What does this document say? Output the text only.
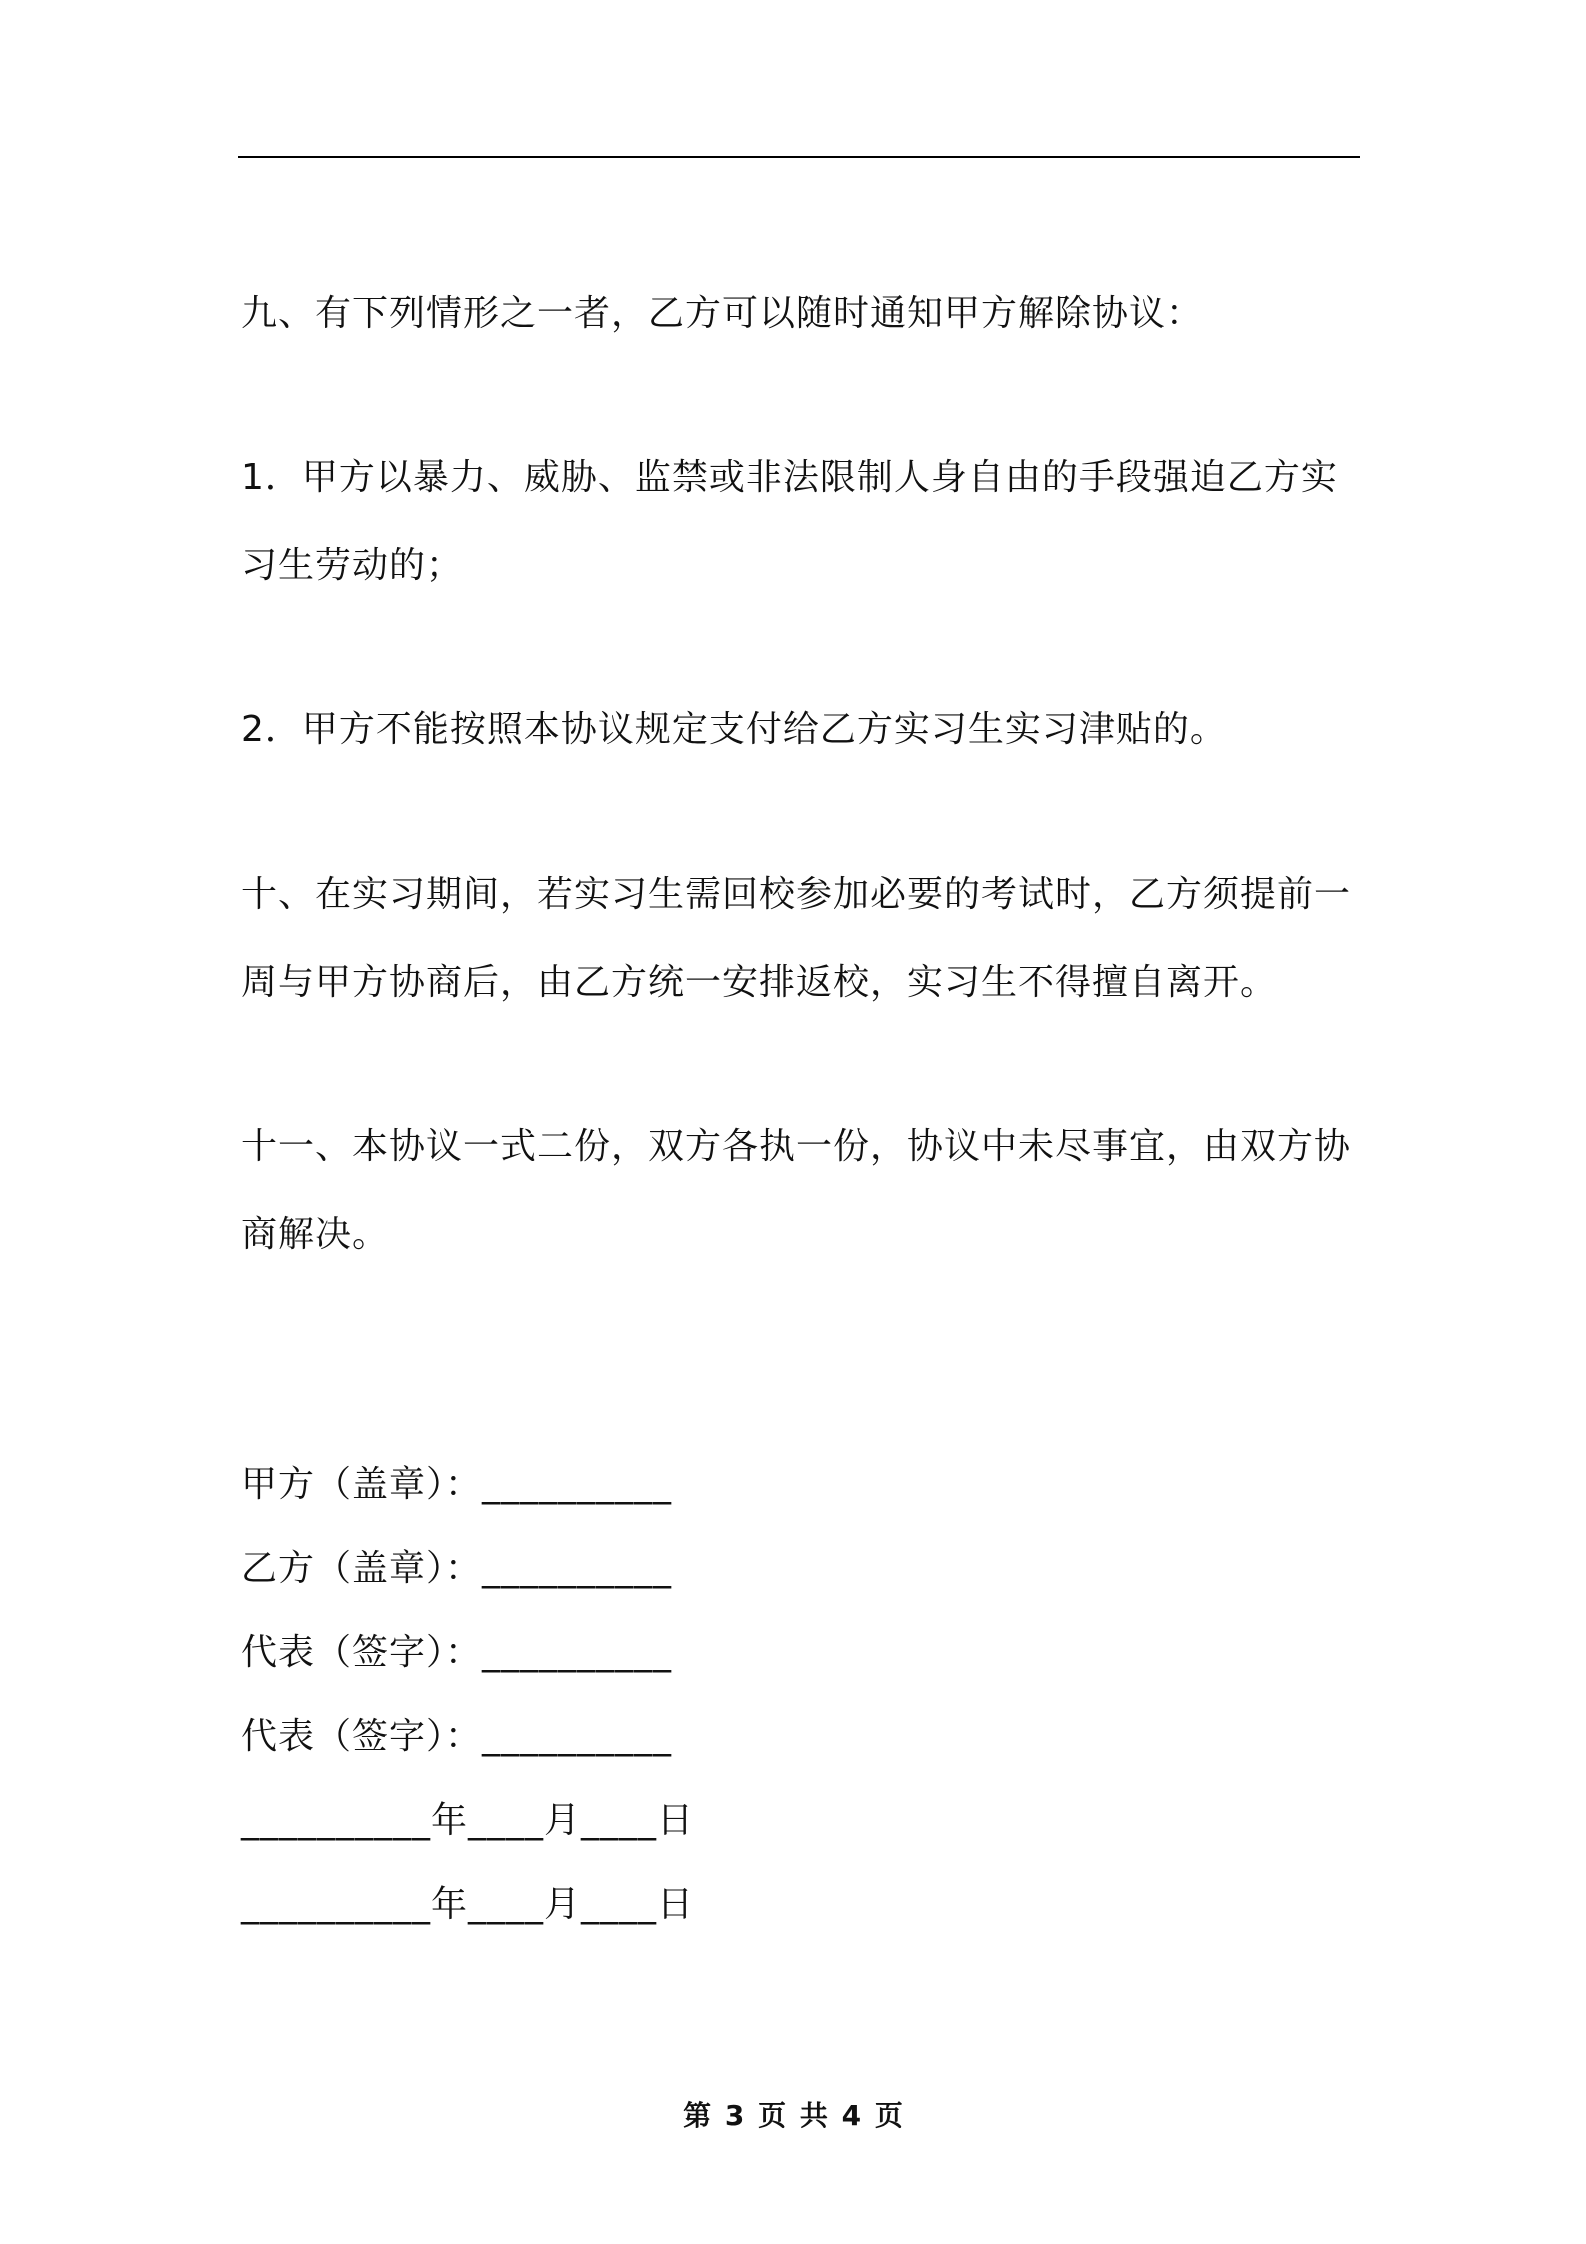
九、有下列情形之一者，乙方可以随时通知甲方解除协议：

1．甲方以暴力、威胁、监禁或非法限制人身自由的手段强迫乙方实
习生劳动的；

2．甲方不能按照本协议规定支付给乙方实习生实习津贴的。

十、在实习期间，若实习生需回校参加必要的考试时，乙方须提前一
周与甲方协商后，由乙方统一安排返校，实习生不得擅自离开。

十一、本协议一式二份，双方各执一份，协议中未尽事宜，由双方协
商解决。

甲方（盖章）：__________

乙方（盖章）：__________

代表（签字）：__________

代表（签字）：__________

__________年____月____日

__________年____月____日

第 3 页 共 4 页
